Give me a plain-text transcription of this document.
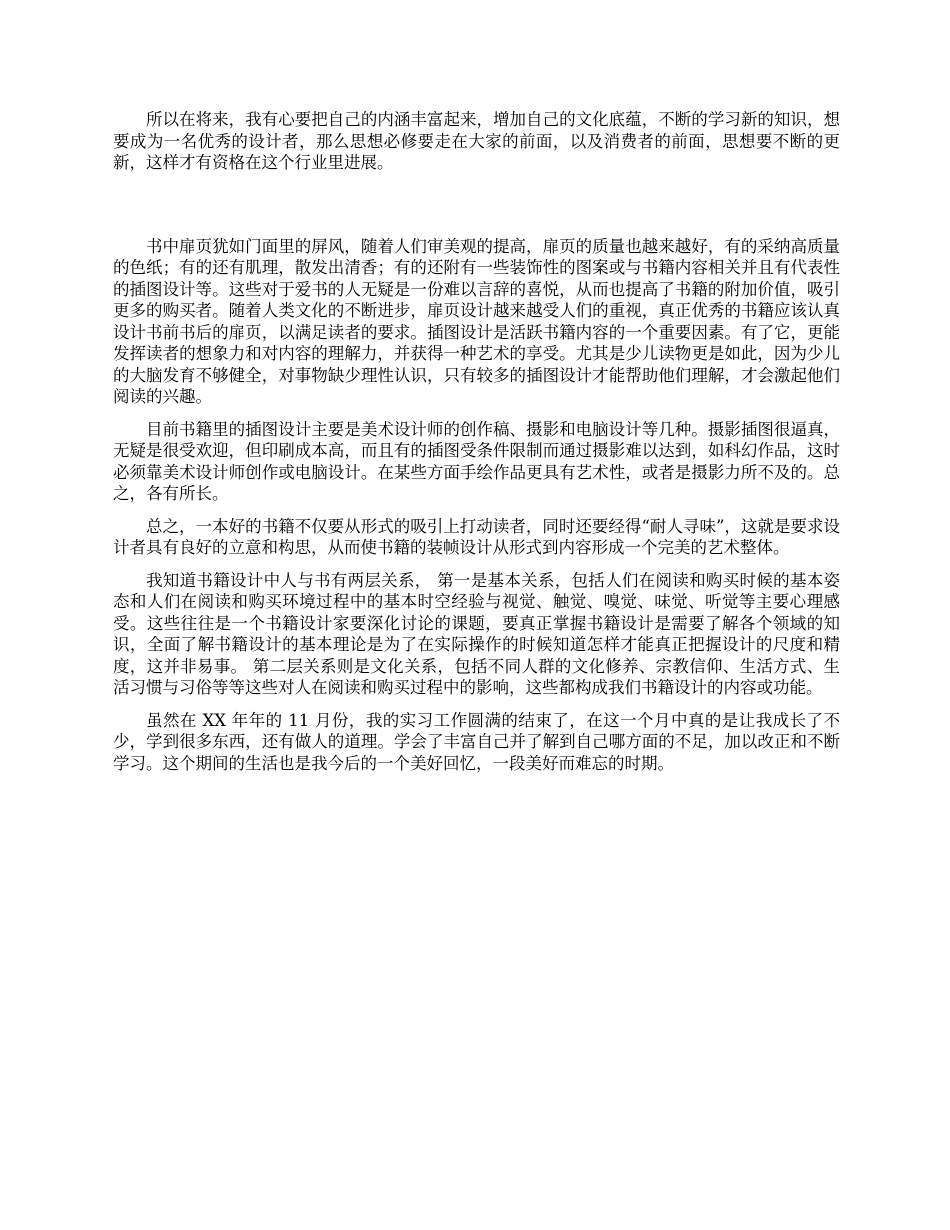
所以在将来，我有心要把自己的内涵丰富起来，增加自己的文化底蕴，不断的学习新的知识，想要成为一名优秀的设计者，那么思想必修要走在大家的前面，以及消费者的前面，思想要不断的更新，这样才有资格在这个行业里进展。

书中扉页犹如门面里的屏风，随着人们审美观的提高，扉页的质量也越来越好，有的采纳高质量的色纸；有的还有肌理，散发出清香；有的还附有一些装饰性的图案或与书籍内容相关并且有代表性的插图设计等。这些对于爱书的人无疑是一份难以言辞的喜悦，从而也提高了书籍的附加价值，吸引更多的购买者。随着人类文化的不断进步，扉页设计越来越受人们的重视，真正优秀的书籍应该认真设计书前书后的扉页，以满足读者的要求。插图设计是活跃书籍内容的一个重要因素。有了它，更能发挥读者的想象力和对内容的理解力，并获得一种艺术的享受。尤其是少儿读物更是如此，因为少儿的大脑发育不够健全，对事物缺少理性认识，只有较多的插图设计才能帮助他们理解，才会激起他们阅读的兴趣。

目前书籍里的插图设计主要是美术设计师的创作稿、摄影和电脑设计等几种。摄影插图很逼真，无疑是很受欢迎，但印刷成本高，而且有的插图受条件限制而通过摄影难以达到，如科幻作品，这时必须靠美术设计师创作或电脑设计。在某些方面手绘作品更具有艺术性，或者是摄影力所不及的。总之，各有所长。

总之，一本好的书籍不仅要从形式的吸引上打动读者，同时还要经得“耐人寻味”，这就是要求设计者具有良好的立意和构思，从而使书籍的装帧设计从形式到内容形成一个完美的艺术整体。

我知道书籍设计中人与书有两层关系， 第一是基本关系，包括人们在阅读和购买时候的基本姿态和人们在阅读和购买环境过程中的基本时空经验与视觉、触觉、嗅觉、味觉、听觉等主要心理感受。这些往往是一个书籍设计家要深化讨论的课题，要真正掌握书籍设计是需要了解各个领域的知识，全面了解书籍设计的基本理论是为了在实际操作的时候知道怎样才能真正把握设计的尺度和精度，这并非易事。 第二层关系则是文化关系，包括不同人群的文化修养、宗教信仰、生活方式、生活习惯与习俗等等这些对人在阅读和购买过程中的影响，这些都构成我们书籍设计的内容或功能。

虽然在 XX 年年的 11 月份，我的实习工作圆满的结束了，在这一个月中真的是让我成长了不少，学到很多东西，还有做人的道理。学会了丰富自己并了解到自己哪方面的不足，加以改正和不断学习。这个期间的生活也是我今后的一个美好回忆，一段美好而难忘的时期。
